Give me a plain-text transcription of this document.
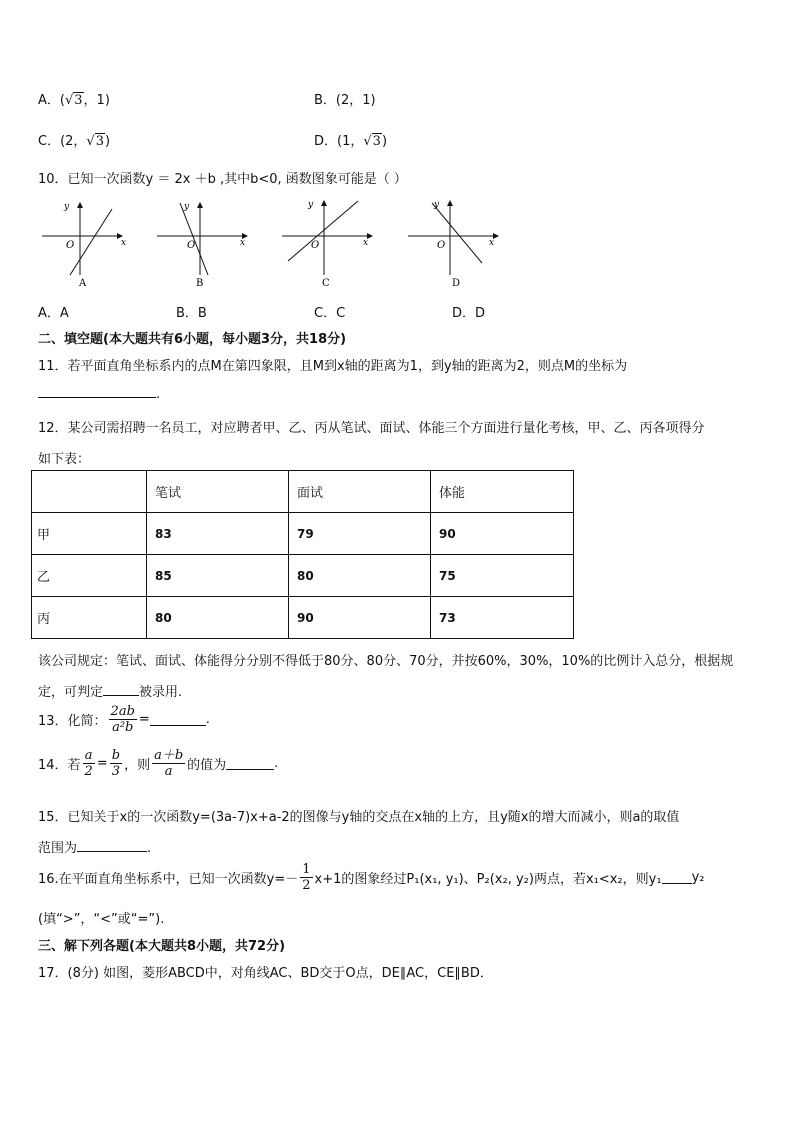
A．(√3，1)	B．(2，1)
C．(2，√3)	D．(1，√3)
10．已知一次函数y ＝ 2x ＋b ,其中b<0, 函数图象可能是（ ）
y
x
O
A
y
x
O
B
y
x
O
C
y
x
O
D
A．A	B．B	C．C	D．D
二、填空题(本大题共有6小题，每小题3分，共18分)
11．若平面直角坐标系内的点M在第四象限，且M到x轴的距离为1，到y轴的距离为2，则点M的坐标为
.
12．某公司需招聘一名员工，对应聘者甲、乙、丙从笔试、面试、体能三个方面进行量化考核，甲、乙、丙各项得分
如下表：
	笔试	面试	体能
甲	83	79	90
乙	85	80	75
丙	80	90	73
该公司规定：笔试、面试、体能得分分别不得低于80分、80分、70分，并按60%，30%，10%的比例计入总分，根据规
定，可判定	被录用.
13．化简： $\frac{2ab}{\text{a²b}}$ =	.
14．若 $\frac{a}{2} = \frac{b}{3}$ ，则 $\frac{a+b}{a}$ 的值为	.
15．已知关于x的一次函数y=(3a-7)x+a-2的图像与y轴的交点在x轴的上方，且y随x的增大而减小，则a的取值
范围为	.
16.在平面直角坐标系中，已知一次函数$y=- \frac{1}{2} x+1$的图象经过P₁(x₁, y₁)、P₂(x₂, y₂)两点，若x₁<x₂，则y₁ y₂
(填“>”，“<”或“=”).
三、解下列各题(本大题共8小题，共72分)
17．(8分) 如图，菱形ABCD中，对角线AC、BD交于O点，DE∥AC，CE∥BD．
